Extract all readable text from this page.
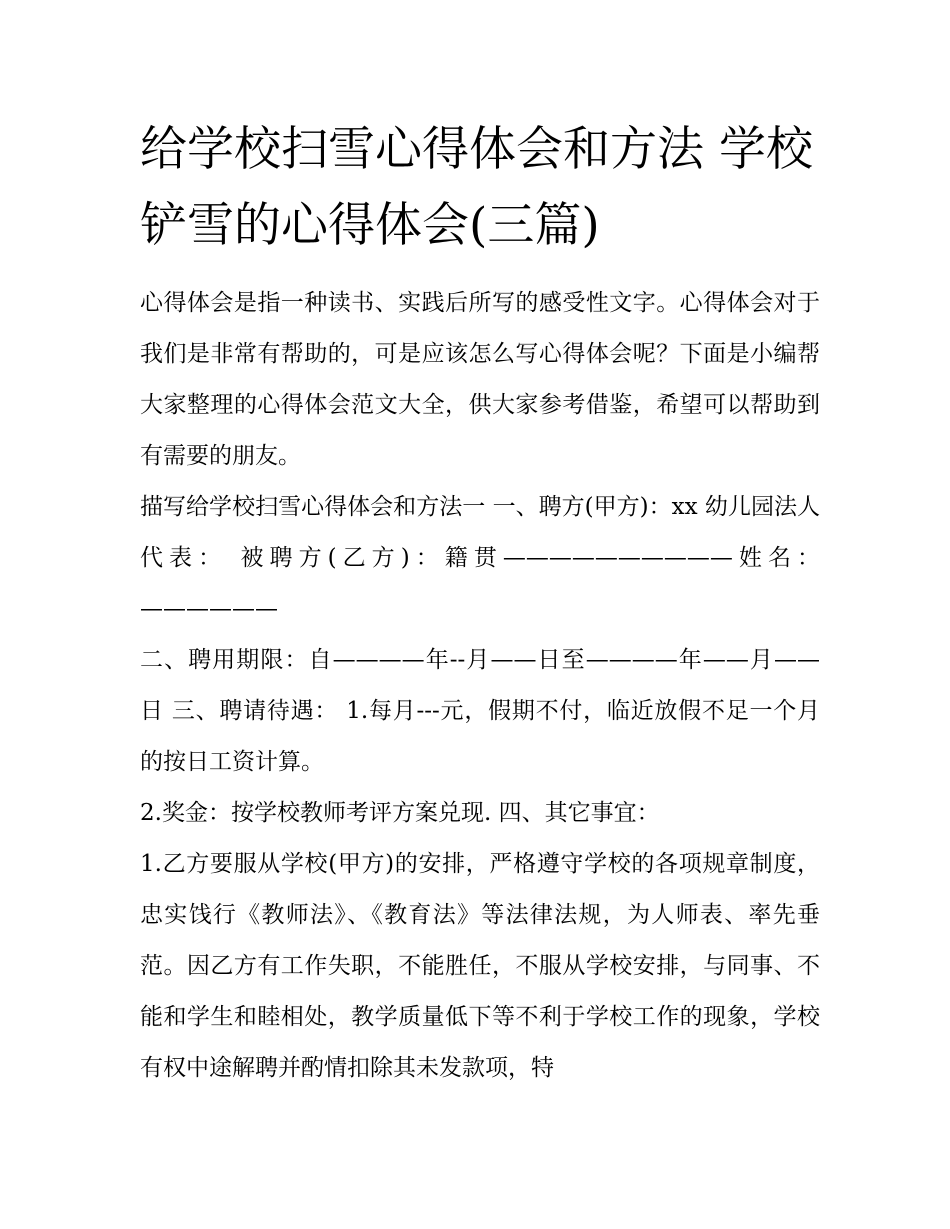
给学校扫雪心得体会和方法 学校铲雪的心得体会(三篇)

心得体会是指一种读书、实践后所写的感受性文字。心得体会对于我们是非常有帮助的，可是应该怎么写心得体会呢？下面是小编帮大家整理的心得体会范文大全，供大家参考借鉴，希望可以帮助到有需要的朋友。

描写给学校扫雪心得体会和方法一 一、聘方(甲方)：xx 幼儿园法人代表： 被聘方(乙方)：籍贯——————————姓名：——————

二、聘用期限：自————年--月——日至————年——月——日 三、聘请待遇： 1.每月---元，假期不付，临近放假不足一个月的按日工资计算。

2.奖金：按学校教师考评方案兑现. 四、其它事宜：

1.乙方要服从学校(甲方)的安排，严格遵守学校的各项规章制度，忠实饯行《教师法》、《教育法》等法律法规，为人师表、率先垂范。因乙方有工作失职，不能胜任，不服从学校安排，与同事、不能和学生和睦相处，教学质量低下等不利于学校工作的现象，学校有权中途解聘并酌情扣除其未发款项，特
